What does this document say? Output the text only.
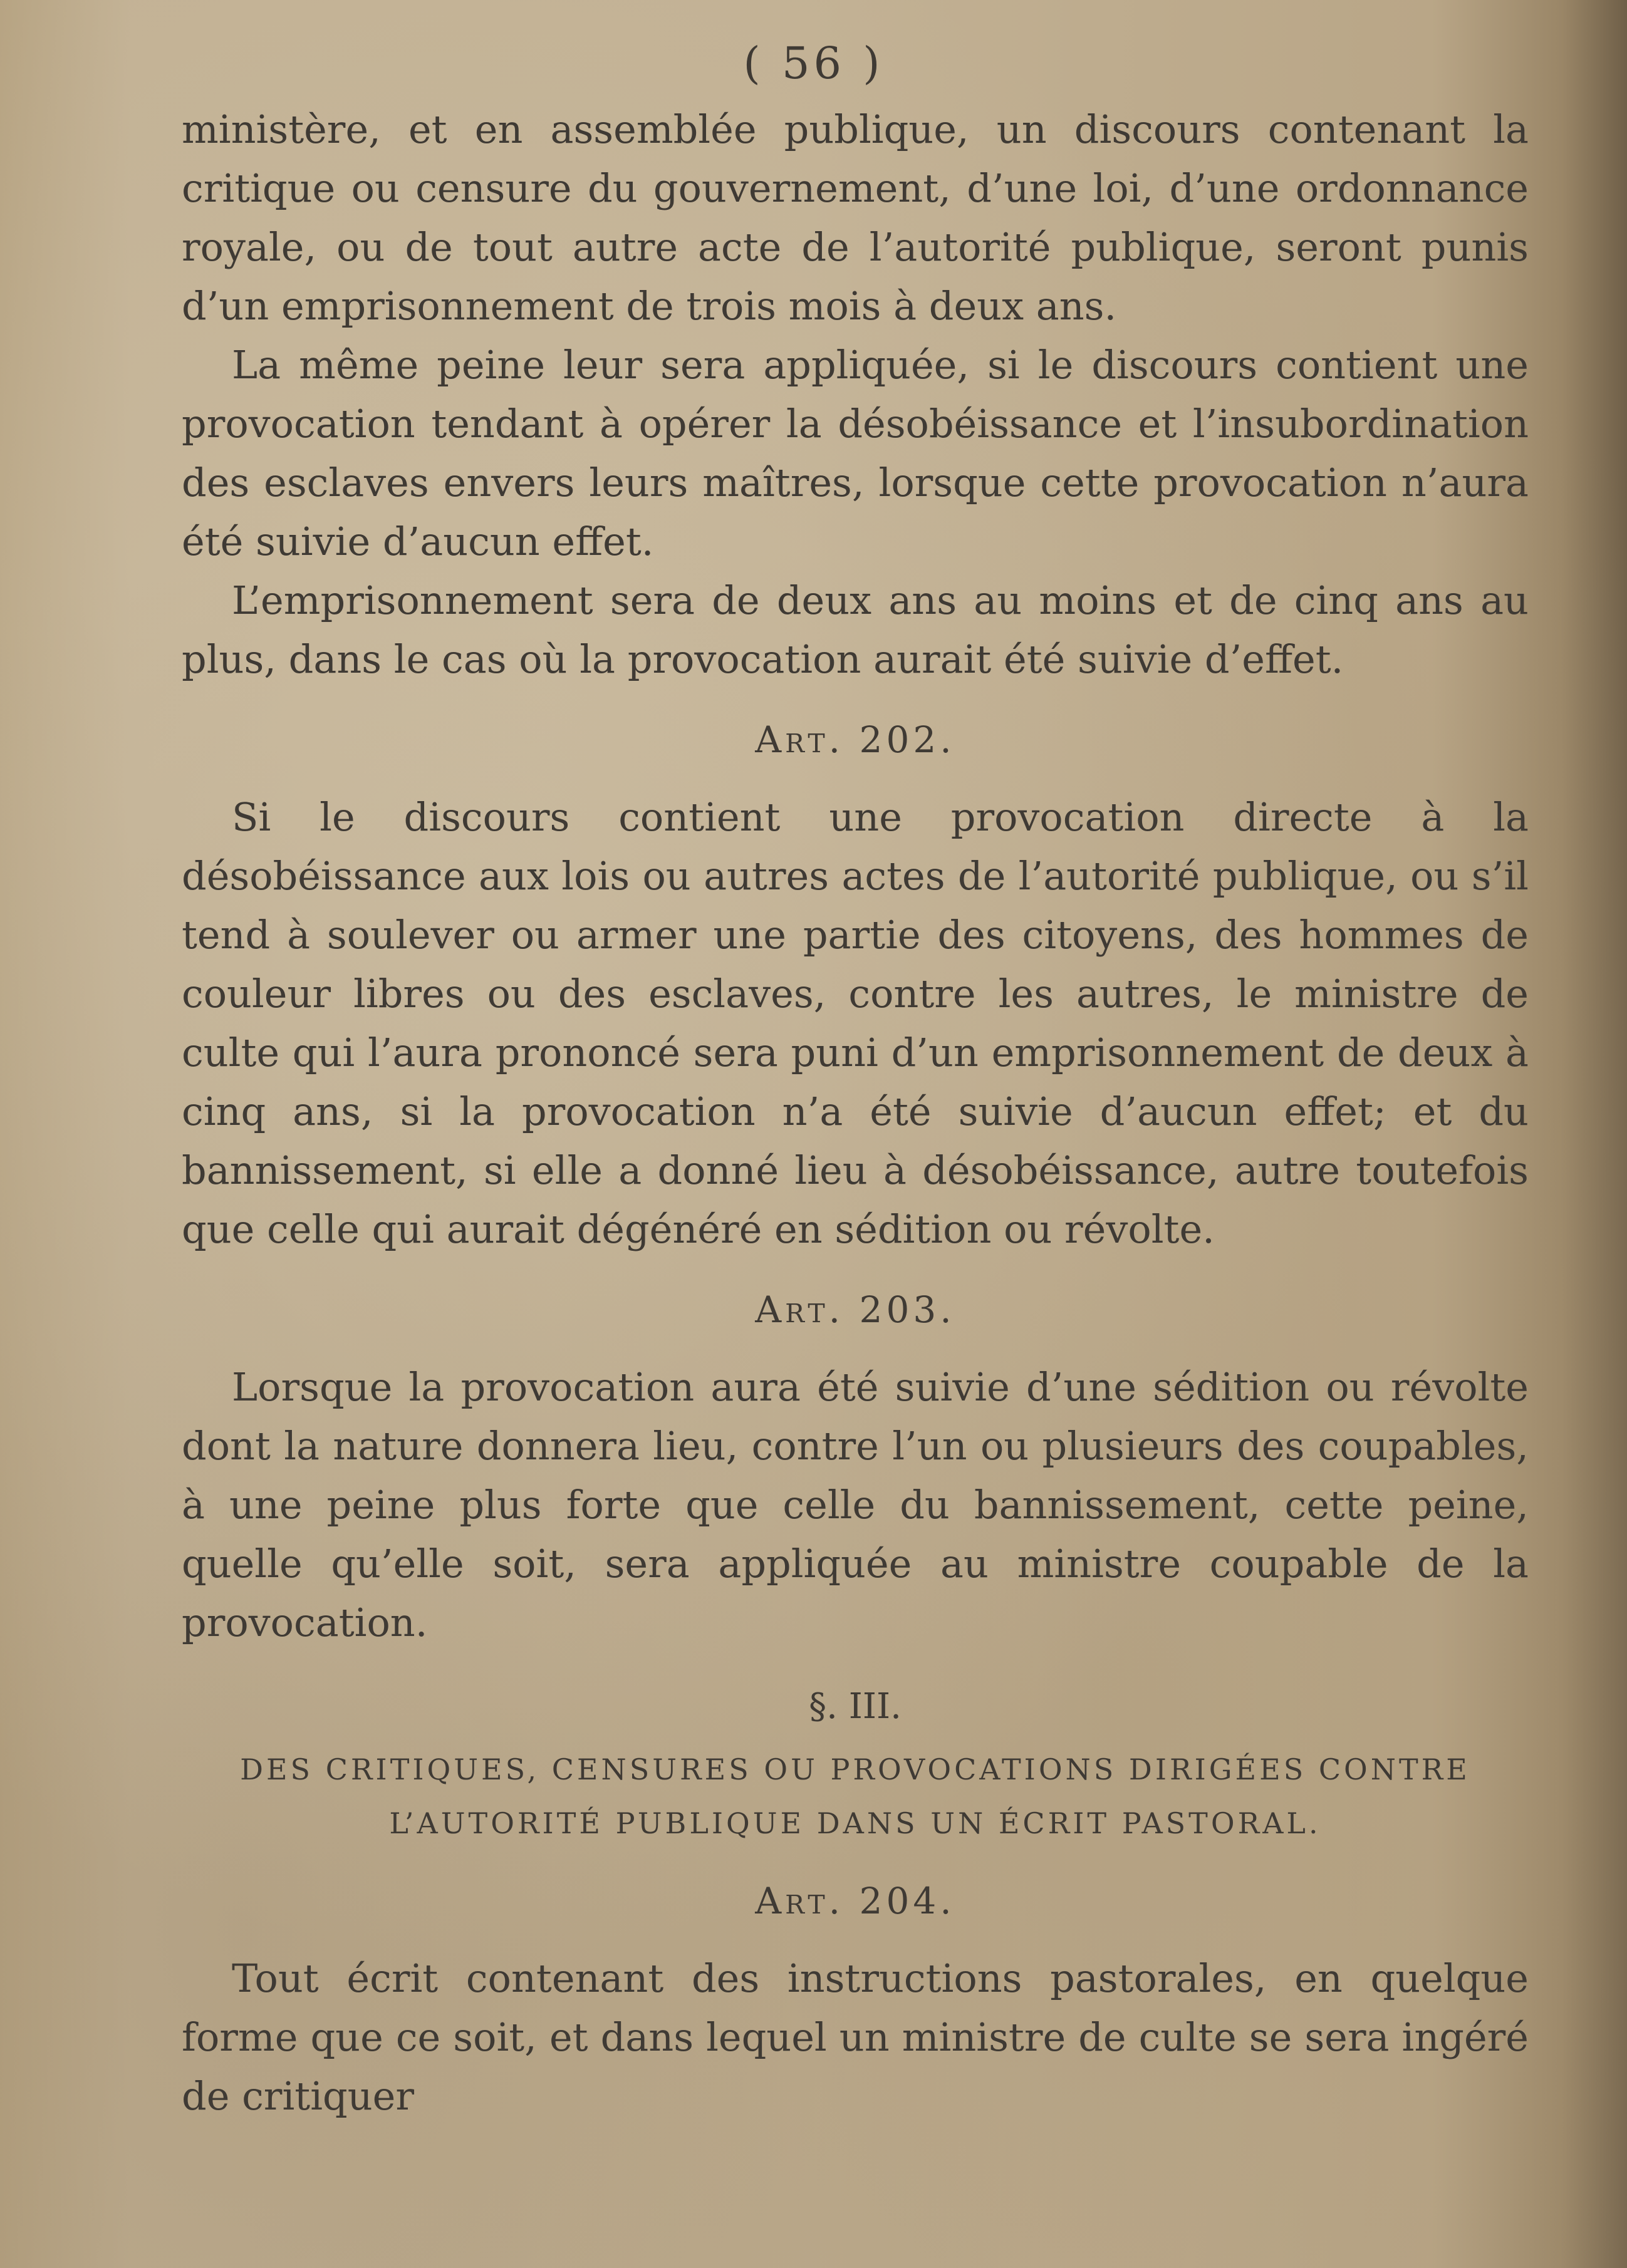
( 56 )

ministère, et en assemblée publique, un discours contenant la critique ou censure du gouvernement, d’une loi, d’une ordonnance royale, ou de tout autre acte de l’autorité publique, seront punis d’un emprisonnement de trois mois à deux ans.

La même peine leur sera appliquée, si le discours contient une provocation tendant à opérer la désobéissance et l’insubordination des esclaves envers leurs maîtres, lorsque cette provocation n’aura été suivie d’aucun effet.

L’emprisonnement sera de deux ans au moins et de cinq ans au plus, dans le cas où la provocation aurait été suivie d’effet.

Art. 202.

Si le discours contient une provocation directe à la désobéissance aux lois ou autres actes de l’autorité publique, ou s’il tend à soulever ou armer une partie des citoyens, des hommes de couleur libres ou des esclaves, contre les autres, le ministre de culte qui l’aura prononcé sera puni d’un emprisonnement de deux à cinq ans, si la provocation n’a été suivie d’aucun effet; et du bannissement, si elle a donné lieu à désobéissance, autre toutefois que celle qui aurait dégénéré en sédition ou révolte.

Art. 203.

Lorsque la provocation aura été suivie d’une sédition ou révolte dont la nature donnera lieu, contre l’un ou plusieurs des coupables, à une peine plus forte que celle du bannissement, cette peine, quelle qu’elle soit, sera appliquée au ministre coupable de la provocation.

§. III.
DES CRITIQUES, CENSURES OU PROVOCATIONS DIRIGÉES CONTRE L’AUTORITÉ PUBLIQUE DANS UN ÉCRIT PASTORAL.
Art. 204.

Tout écrit contenant des instructions pastorales, en quelque forme que ce soit, et dans lequel un ministre de culte se sera ingéré de critiquer
